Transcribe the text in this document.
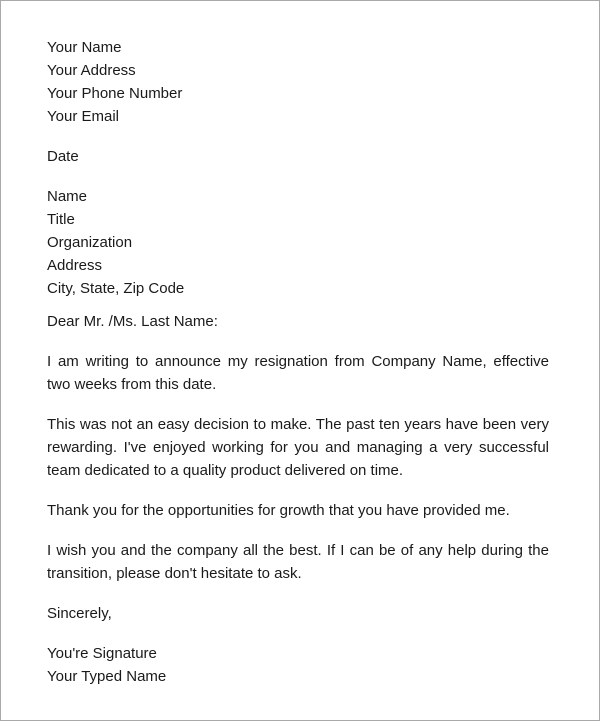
Your Name
Your Address
Your Phone Number
Your Email
Date
Name
Title
Organization
Address
City, State, Zip Code
Dear Mr. /Ms. Last Name:

I am writing to announce my resignation from Company Name, effective two weeks from this date.

This was not an easy decision to make. The past ten years have been very rewarding. I've enjoyed working for you and managing a very successful team dedicated to a quality product delivered on time.

Thank you for the opportunities for growth that you have provided me.

I wish you and the company all the best. If I can be of any help during the transition, please don't hesitate to ask.

Sincerely,
You're Signature
Your Typed Name
